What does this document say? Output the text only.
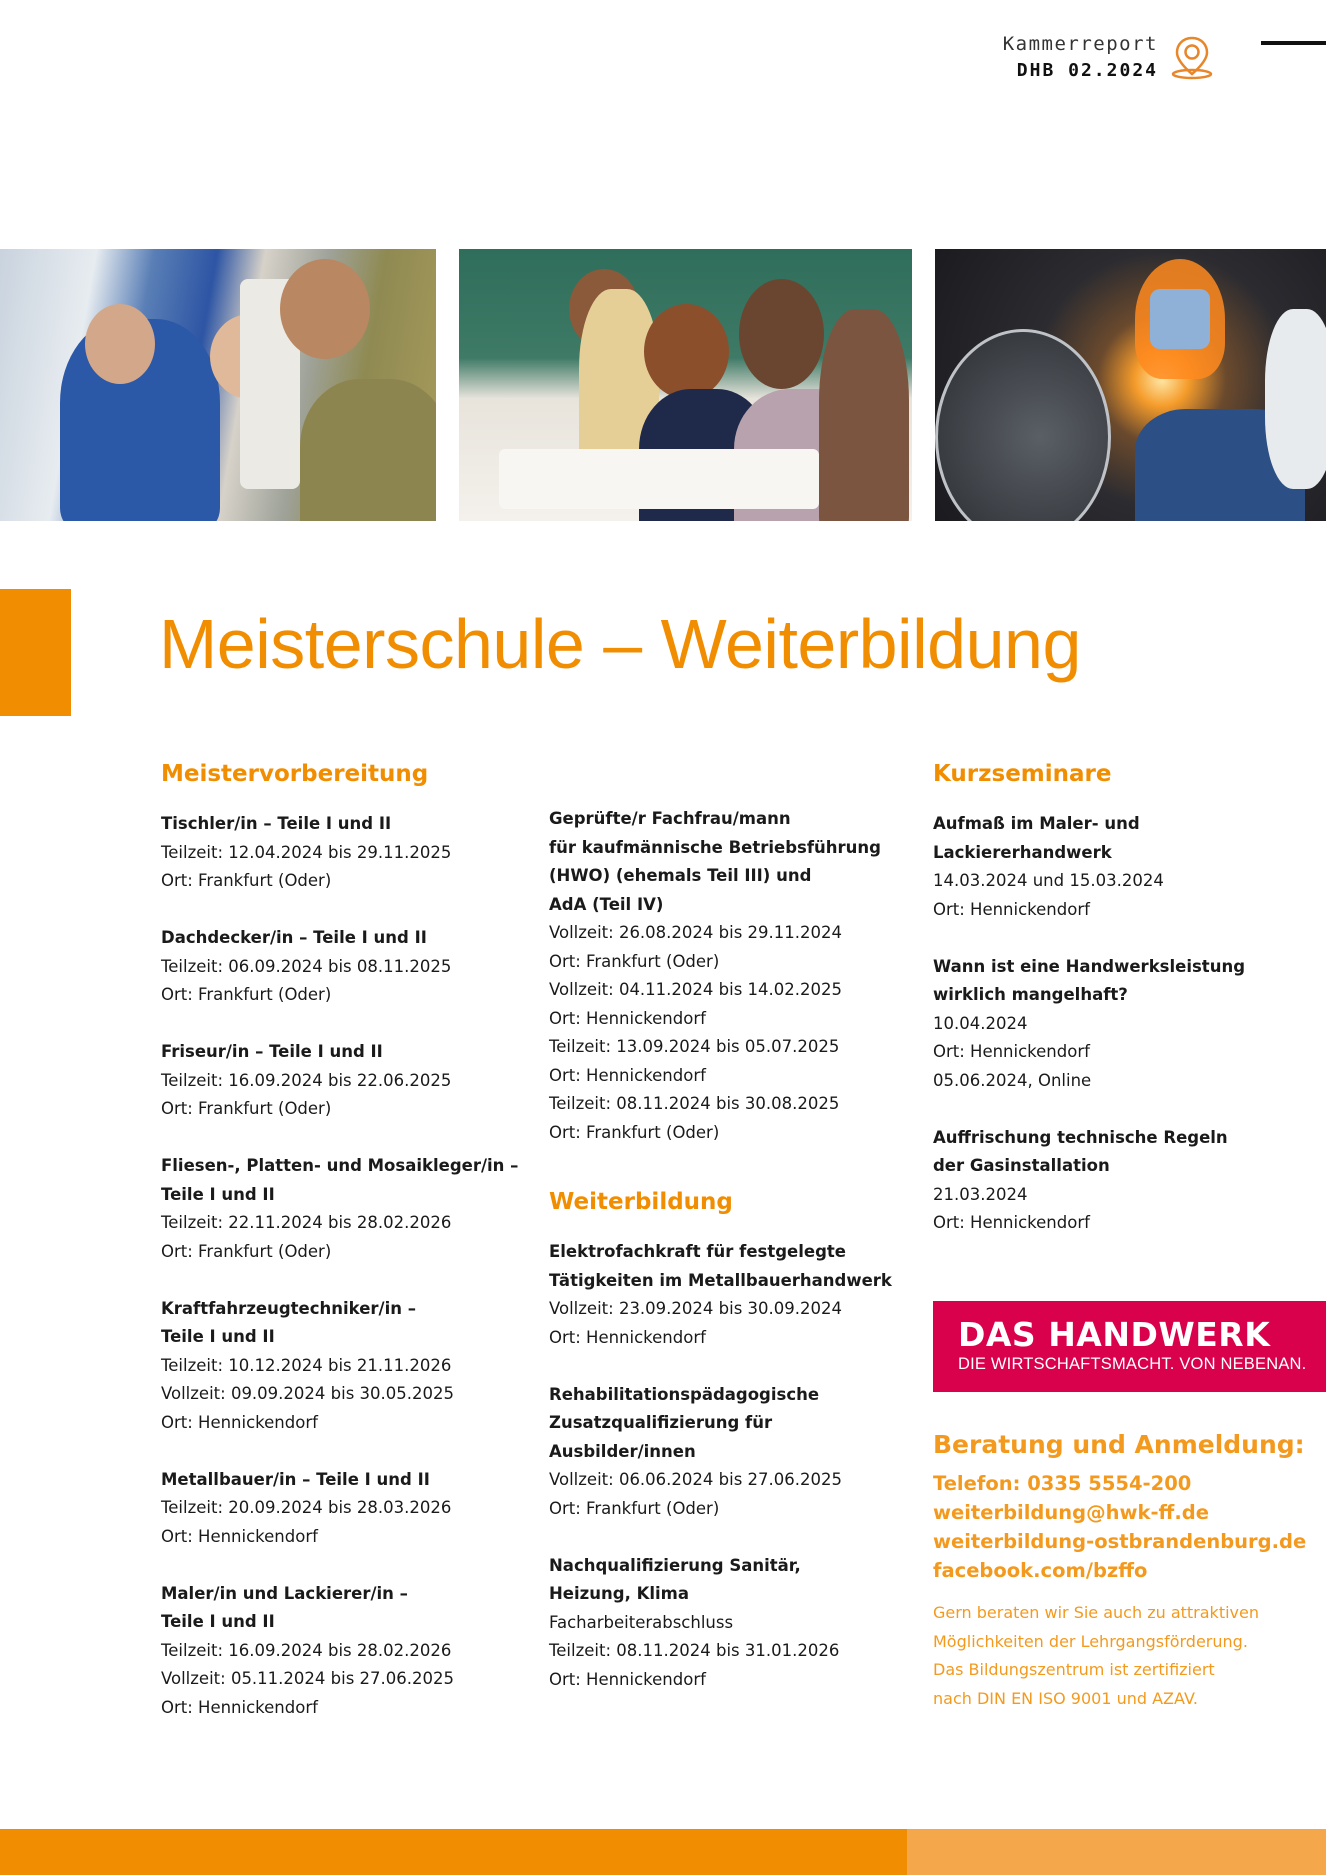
Kammerreport
DHB 02.2024
Meisterschule – Weiterbildung
Meistervorbereitung
Tischler/in – Teile I und II
Teilzeit: 12.04.2024 bis 29.11.2025
Ort: Frankfurt (Oder)
Dachdecker/in – Teile I und II
Teilzeit: 06.09.2024 bis 08.11.2025
Ort: Frankfurt (Oder)
Friseur/in – Teile I und II
Teilzeit: 16.09.2024 bis 22.06.2025
Ort: Frankfurt (Oder)
Fliesen-, Platten- und Mosaikleger/in –
Teile I und II
Teilzeit: 22.11.2024 bis 28.02.2026
Ort: Frankfurt (Oder)
Kraftfahrzeugtechniker/in –
Teile I und II
Teilzeit: 10.12.2024 bis 21.11.2026
Vollzeit: 09.09.2024 bis 30.05.2025
Ort: Hennickendorf
Metallbauer/in – Teile I und II
Teilzeit: 20.09.2024 bis 28.03.2026
Ort: Hennickendorf
Maler/in und Lackierer/in –
Teile I und II
Teilzeit: 16.09.2024 bis 28.02.2026
Vollzeit: 05.11.2024 bis 27.06.2025
Ort: Hennickendorf
Geprüfte/r Fachfrau/mann
für kaufmännische Betriebsführung
(HWO) (ehemals Teil III) und
AdA (Teil IV)
Vollzeit: 26.08.2024 bis 29.11.2024
Ort: Frankfurt (Oder)
Vollzeit: 04.11.2024 bis 14.02.2025
Ort: Hennickendorf
Teilzeit: 13.09.2024 bis 05.07.2025
Ort: Hennickendorf
Teilzeit: 08.11.2024 bis 30.08.2025
Ort: Frankfurt (Oder)
Weiterbildung
Elektrofachkraft für festgelegte
Tätigkeiten im Metallbauerhandwerk
Vollzeit: 23.09.2024 bis 30.09.2024
Ort: Hennickendorf
Rehabilitationspädagogische
Zusatzqualifizierung für
Ausbilder/innen
Vollzeit: 06.06.2024 bis 27.06.2025
Ort: Frankfurt (Oder)
Nachqualifizierung Sanitär,
Heizung, Klima
Facharbeiterabschluss
Teilzeit: 08.11.2024 bis 31.01.2026
Ort: Hennickendorf
Kurzseminare
Aufmaß im Maler- und
Lackiererhandwerk
14.03.2024 und 15.03.2024
Ort: Hennickendorf
Wann ist eine Handwerksleistung
wirklich mangelhaft?
10.04.2024
Ort: Hennickendorf
05.06.2024, Online
Auffrischung technische Regeln
der Gasinstallation
21.03.2024
Ort: Hennickendorf
DAS HANDWERK
DIE WIRTSCHAFTSMACHT. VON NEBENAN.
Beratung und Anmeldung:
Telefon: 0335 5554-200
weiterbildung@hwk-ff.de
weiterbildung-ostbrandenburg.de
facebook.com/bzffo
Gern beraten wir Sie auch zu attraktiven
Möglichkeiten der Lehrgangsförderung.
Das Bildungszentrum ist zertifiziert
nach DIN EN ISO 9001 und AZAV.
